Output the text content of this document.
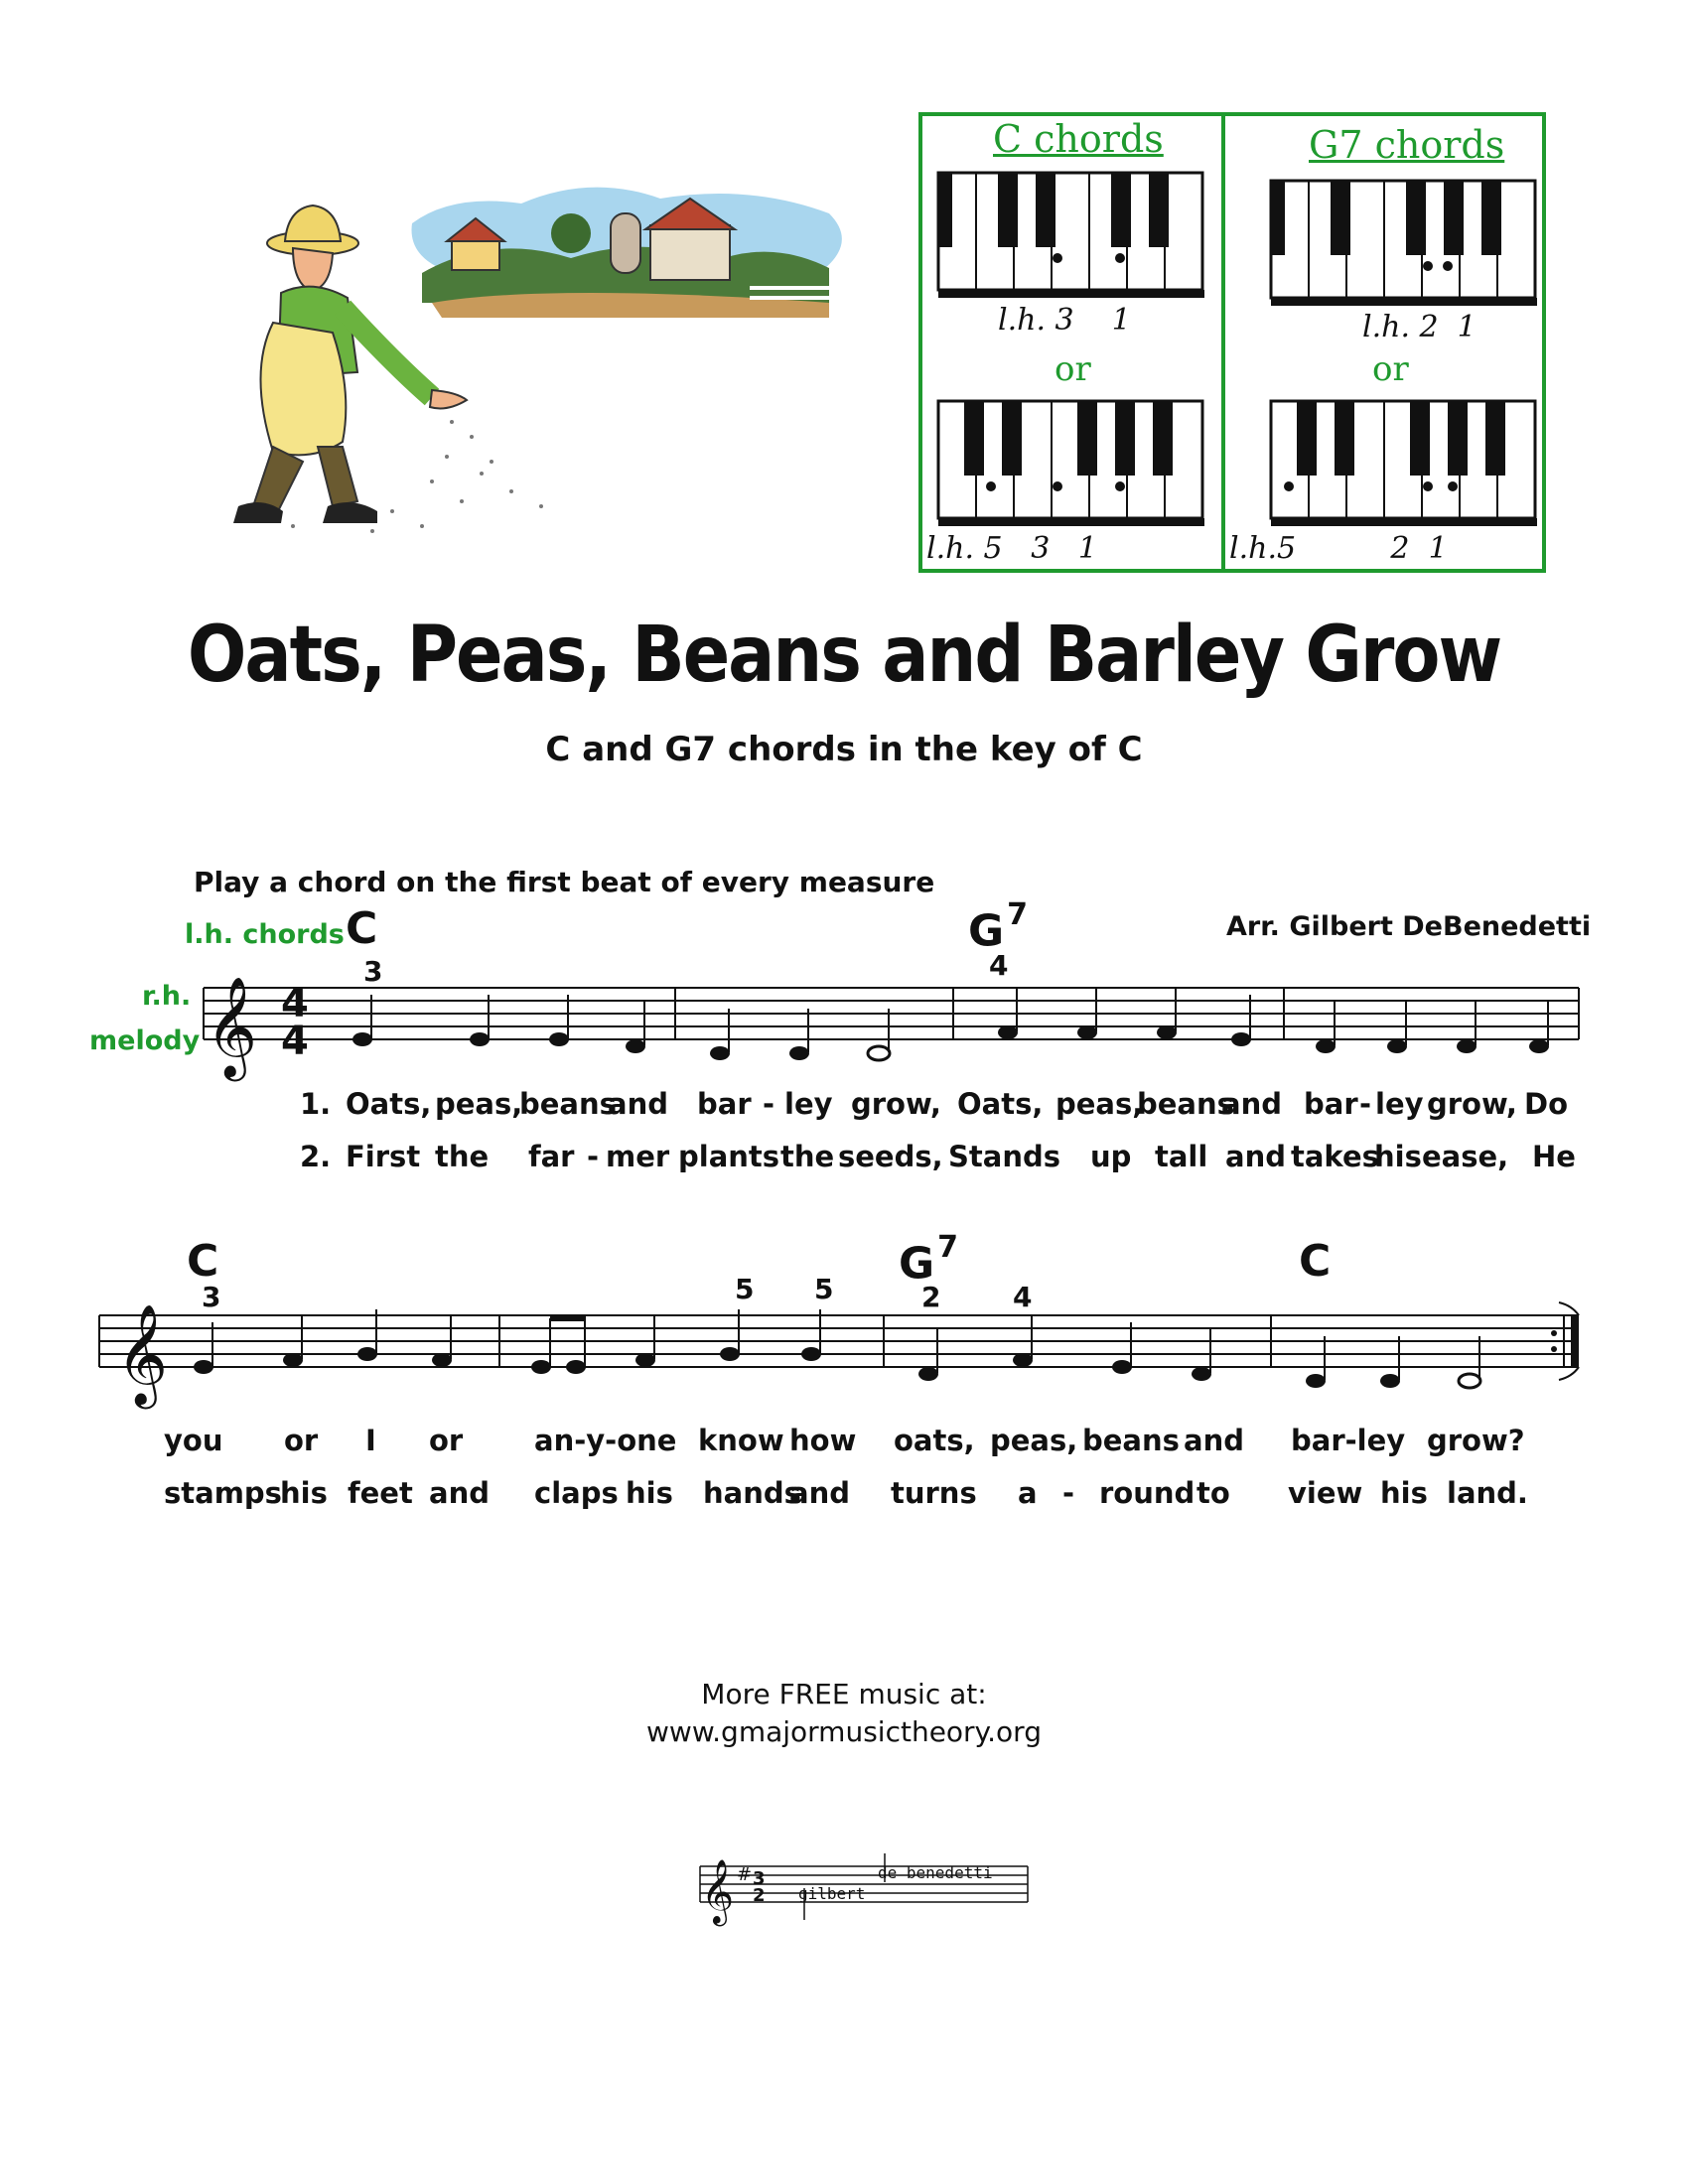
C chords	G7 chords
or	or
l.h. 3    1
l.h. 5   3   1
l.h. 2  1
l.h.5          2  1
Oats, Peas, Beans and Barley Grow
C and G7 chords in the key of C
Play a chord on the first beat of every measure
Arr. Gilbert DeBenedetti
l.h. chords
r.h.
melody
C
3
G $^7$
4
𝄞 4
4
1. Oats, peas,
beans
and bar - ley grow, Oats, peas,
beans
and bar - ley grow, Do
2. First the far - mer plants the seeds, Stands up tall and takes
his ease, He
C
3
G $^7$
2
C
5 5	4
𝄞
you or I or an-y-one know how oats, peas, beans and bar-ley grow?
stamps
his feet and claps his hands
and turns a - round to view his land.
More FREE music at:
www.gmajormusictheory.org
𝄞 # 3
2 gilbert
de benedetti
